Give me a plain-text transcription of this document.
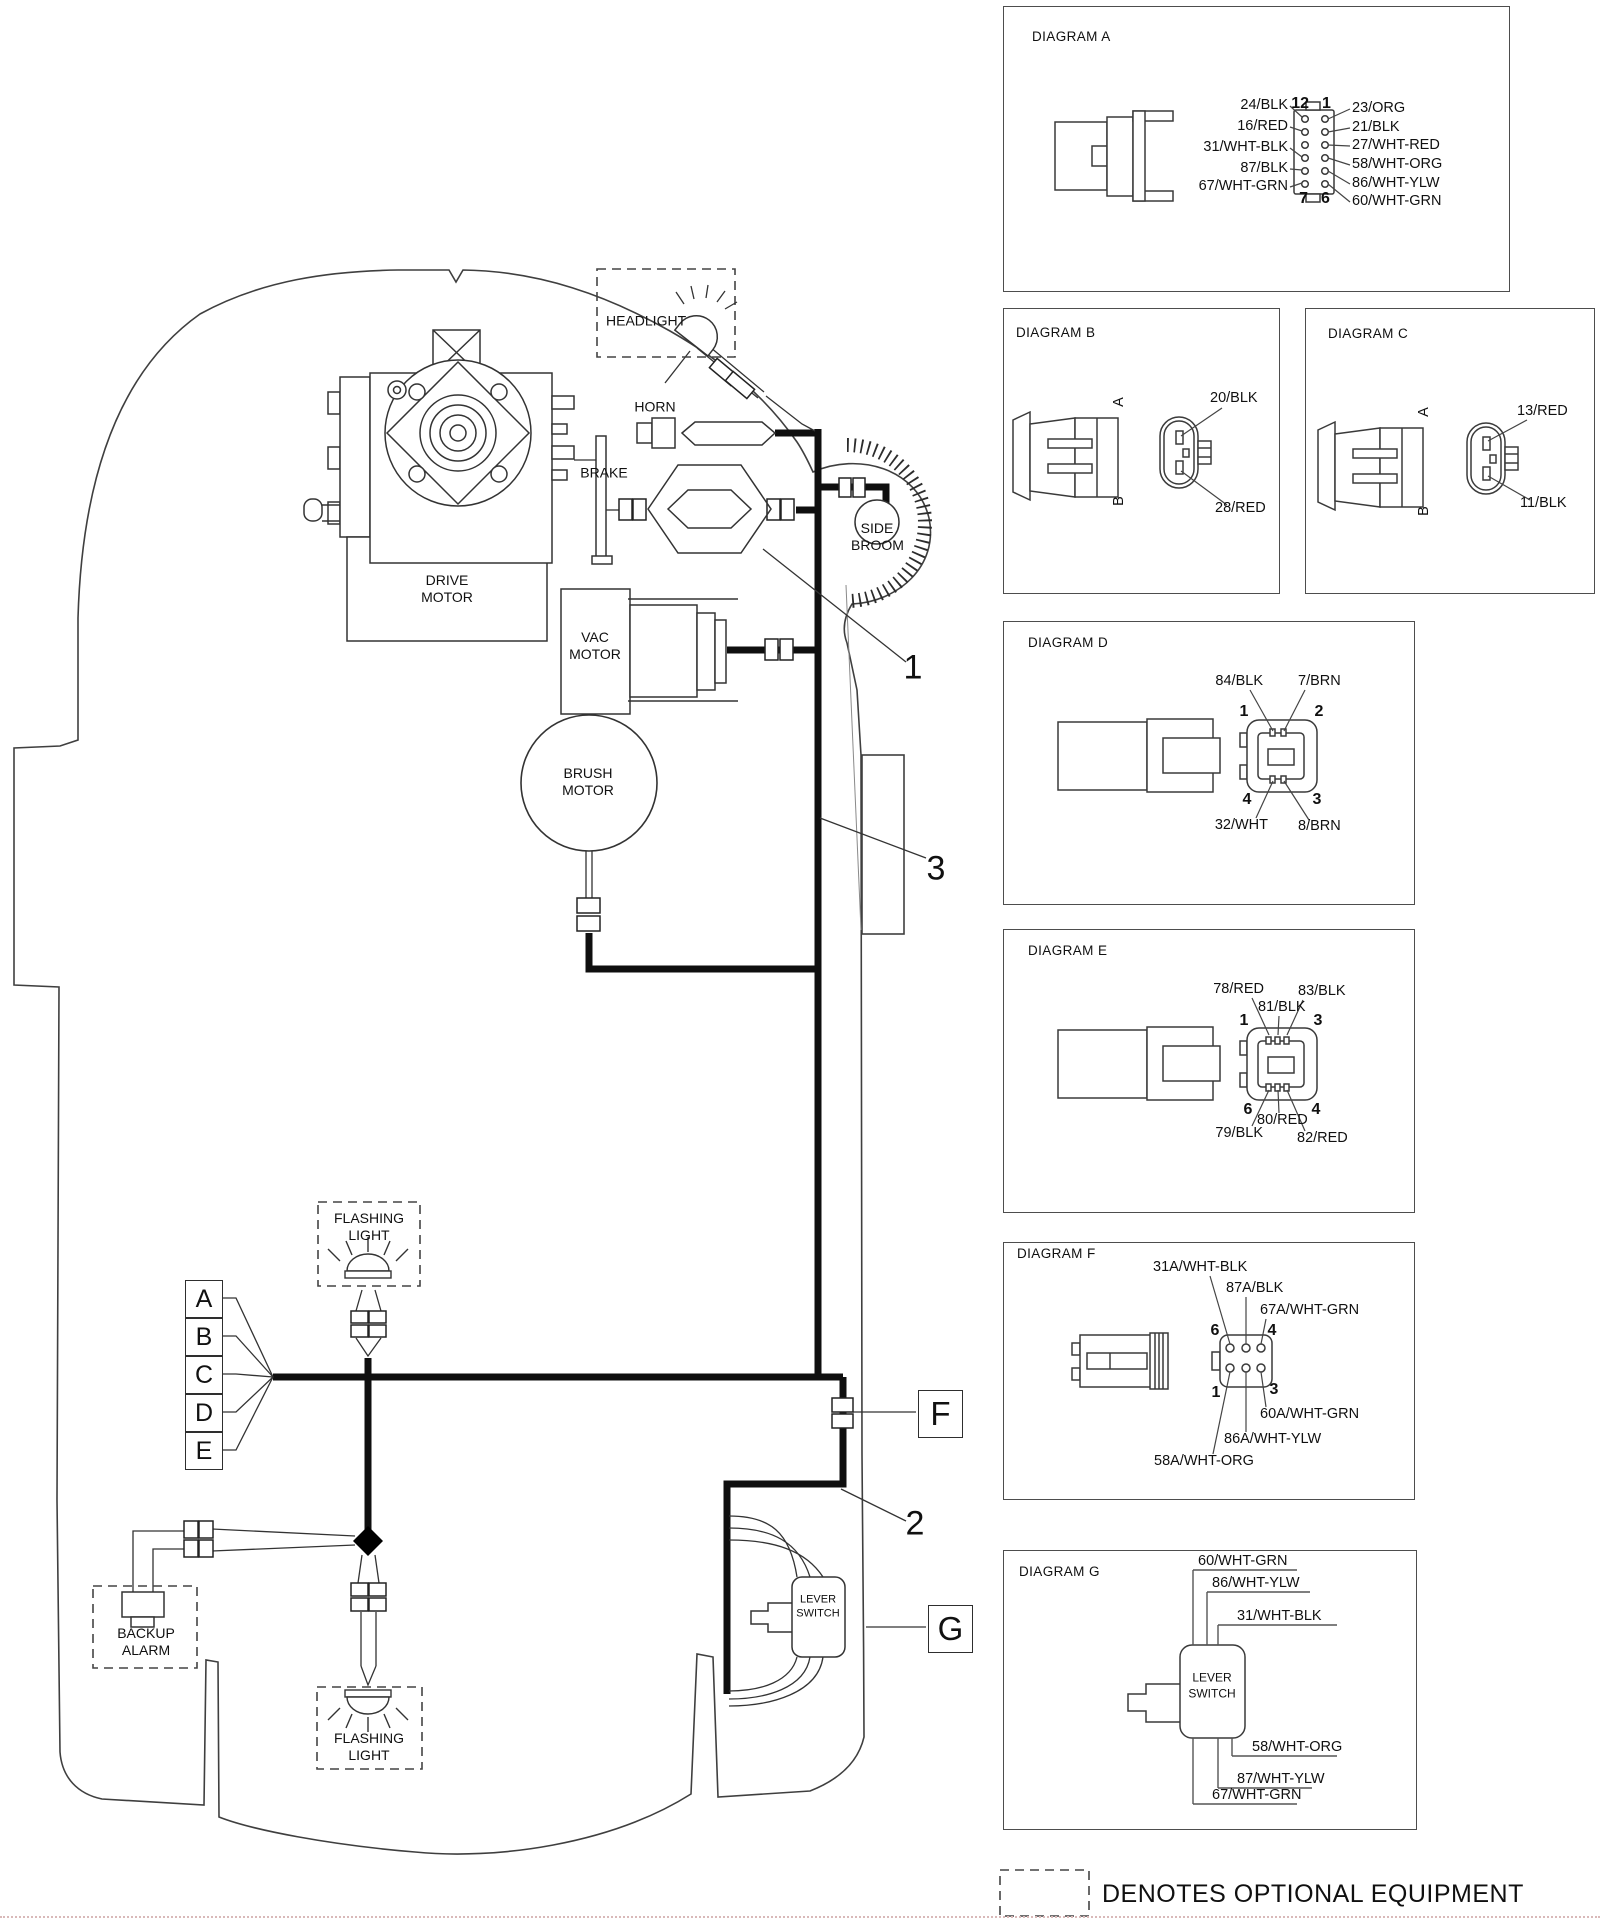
HEADLIGHT
HORN
BRAKE
DRIVE MOTOR
VAC MOTOR
BRUSH MOTOR
SIDE BROOM
FLASHING LIGHT
BACKUP ALARM
FLASHING LIGHT
LEVER SWITCH
A
B
C
D
E
F
G
1
3
2
DIAGRAM A
12 1
7 6
24/BLK
16/RED
31/WHT-BLK
87/BLK
67/WHT-GRN
23/ORG
21/BLK
27/WHT-RED
58/WHT-ORG
86/WHT-YLW
60/WHT-GRN
DIAGRAM B
A
B
20/BLK
28/RED
DIAGRAM C
A
B
13/RED
11/BLK
DIAGRAM D
84/BLK 7/BRN
32/WHT 8/BRN
1	2
4	3
DIAGRAM E
78/RED
81/BLK
83/BLK
79/BLK
80/RED
82/RED
1	3
6	4
DIAGRAM F
31A/WHT-BLK
87A/BLK
67A/WHT-GRN
60A/WHT-GRN
86A/WHT-YLW
58A/WHT-ORG
6	4
1	3
DIAGRAM G
LEVER SWITCH
60/WHT-GRN
86/WHT-YLW
31/WHT-BLK
58/WHT-ORG
87/WHT-YLW
67/WHT-GRN
DENOTES OPTIONAL EQUIPMENT
